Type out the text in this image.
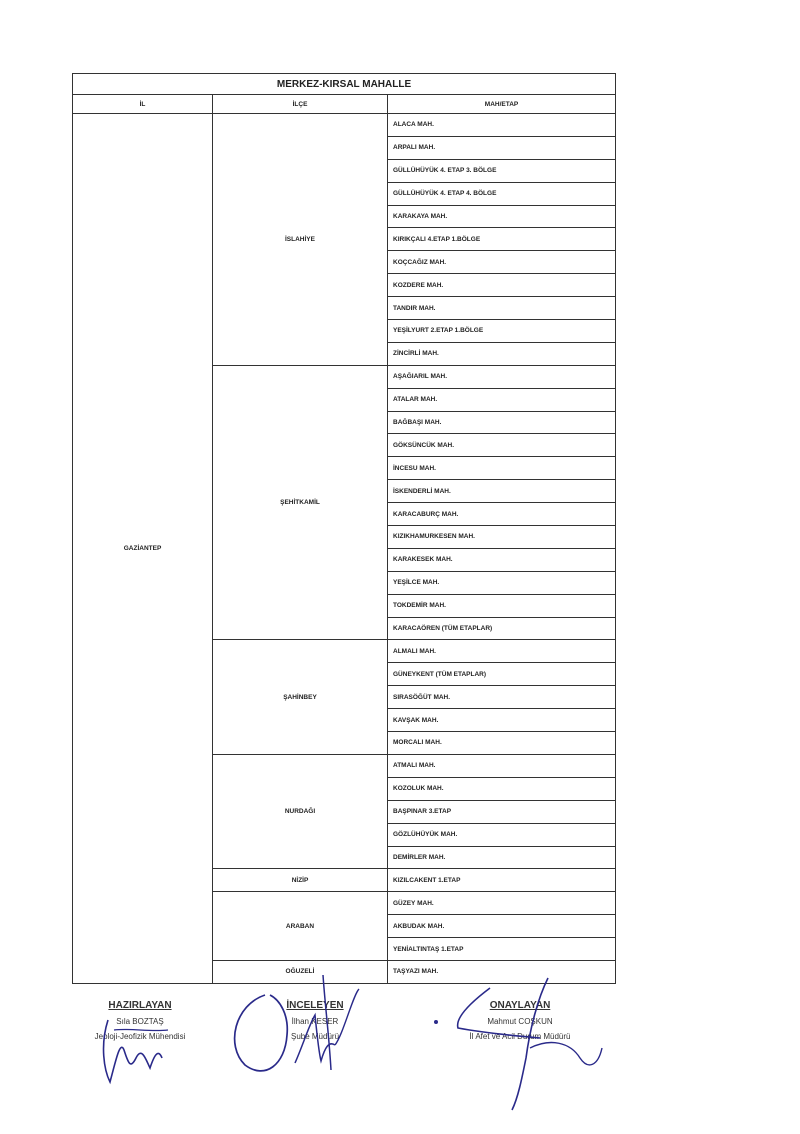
MERKEZ-KIRSAL MAHALLE		
İL	İLÇE	MAH/ETAP
GAZİANTEP	İSLAHİYE	ALACA MAH.
		ARPALI MAH.
		GÜLLÜHÜYÜK 4. ETAP 3. BÖLGE
		GÜLLÜHÜYÜK 4. ETAP 4. BÖLGE
		KARAKAYA MAH.
		KIRIKÇALI 4.ETAP 1.BÖLGE
		KOÇCAĞIZ MAH.
		KOZDERE MAH.
		TANDIR MAH.
		YEŞİLYURT 2.ETAP 1.BÖLGE
		ZİNCİRLİ MAH.
	ŞEHİTKAMİL	AŞAĞIARIL MAH.
		ATALAR MAH.
		BAĞBAŞI MAH.
		GÖKSÜNCÜK MAH.
		İNCESU MAH.
		İSKENDERLİ MAH.
		KARACABURÇ MAH.
		KIZIKHAMURKESEN MAH.
		KARAKESEK MAH.
		YEŞİLCE MAH.
		TOKDEMİR MAH.
		KARACAÖREN (TÜM ETAPLAR)
	ŞAHİNBEY	ALMALI MAH.
		GÜNEYKENT (TÜM ETAPLAR)
		SIRASÖĞÜT MAH.
		KAVŞAK MAH.
		MORCALI MAH.
	NURDAĞI	ATMALI MAH.
		KOZOLUK MAH.
		BAŞPINAR 3.ETAP
		GÖZLÜHÜYÜK MAH.
		DEMİRLER MAH.
	NİZİP	KIZILCAKENT 1.ETAP
	ARABAN	GÜZEY MAH.
		AKBUDAK MAH.
		YENİALTINTAŞ 1.ETAP
	OĞUZELİ	TAŞYAZI MAH.
HAZIRLAYAN
Sıla BOZTAŞ
Jeoloji-Jeofizik Mühendisi
İNCELEYEN
İlhan KESER
Şube Müdürü
ONAYLAYAN
Mahmut COŞKUN
İl Afet ve Acil Durum Müdürü
